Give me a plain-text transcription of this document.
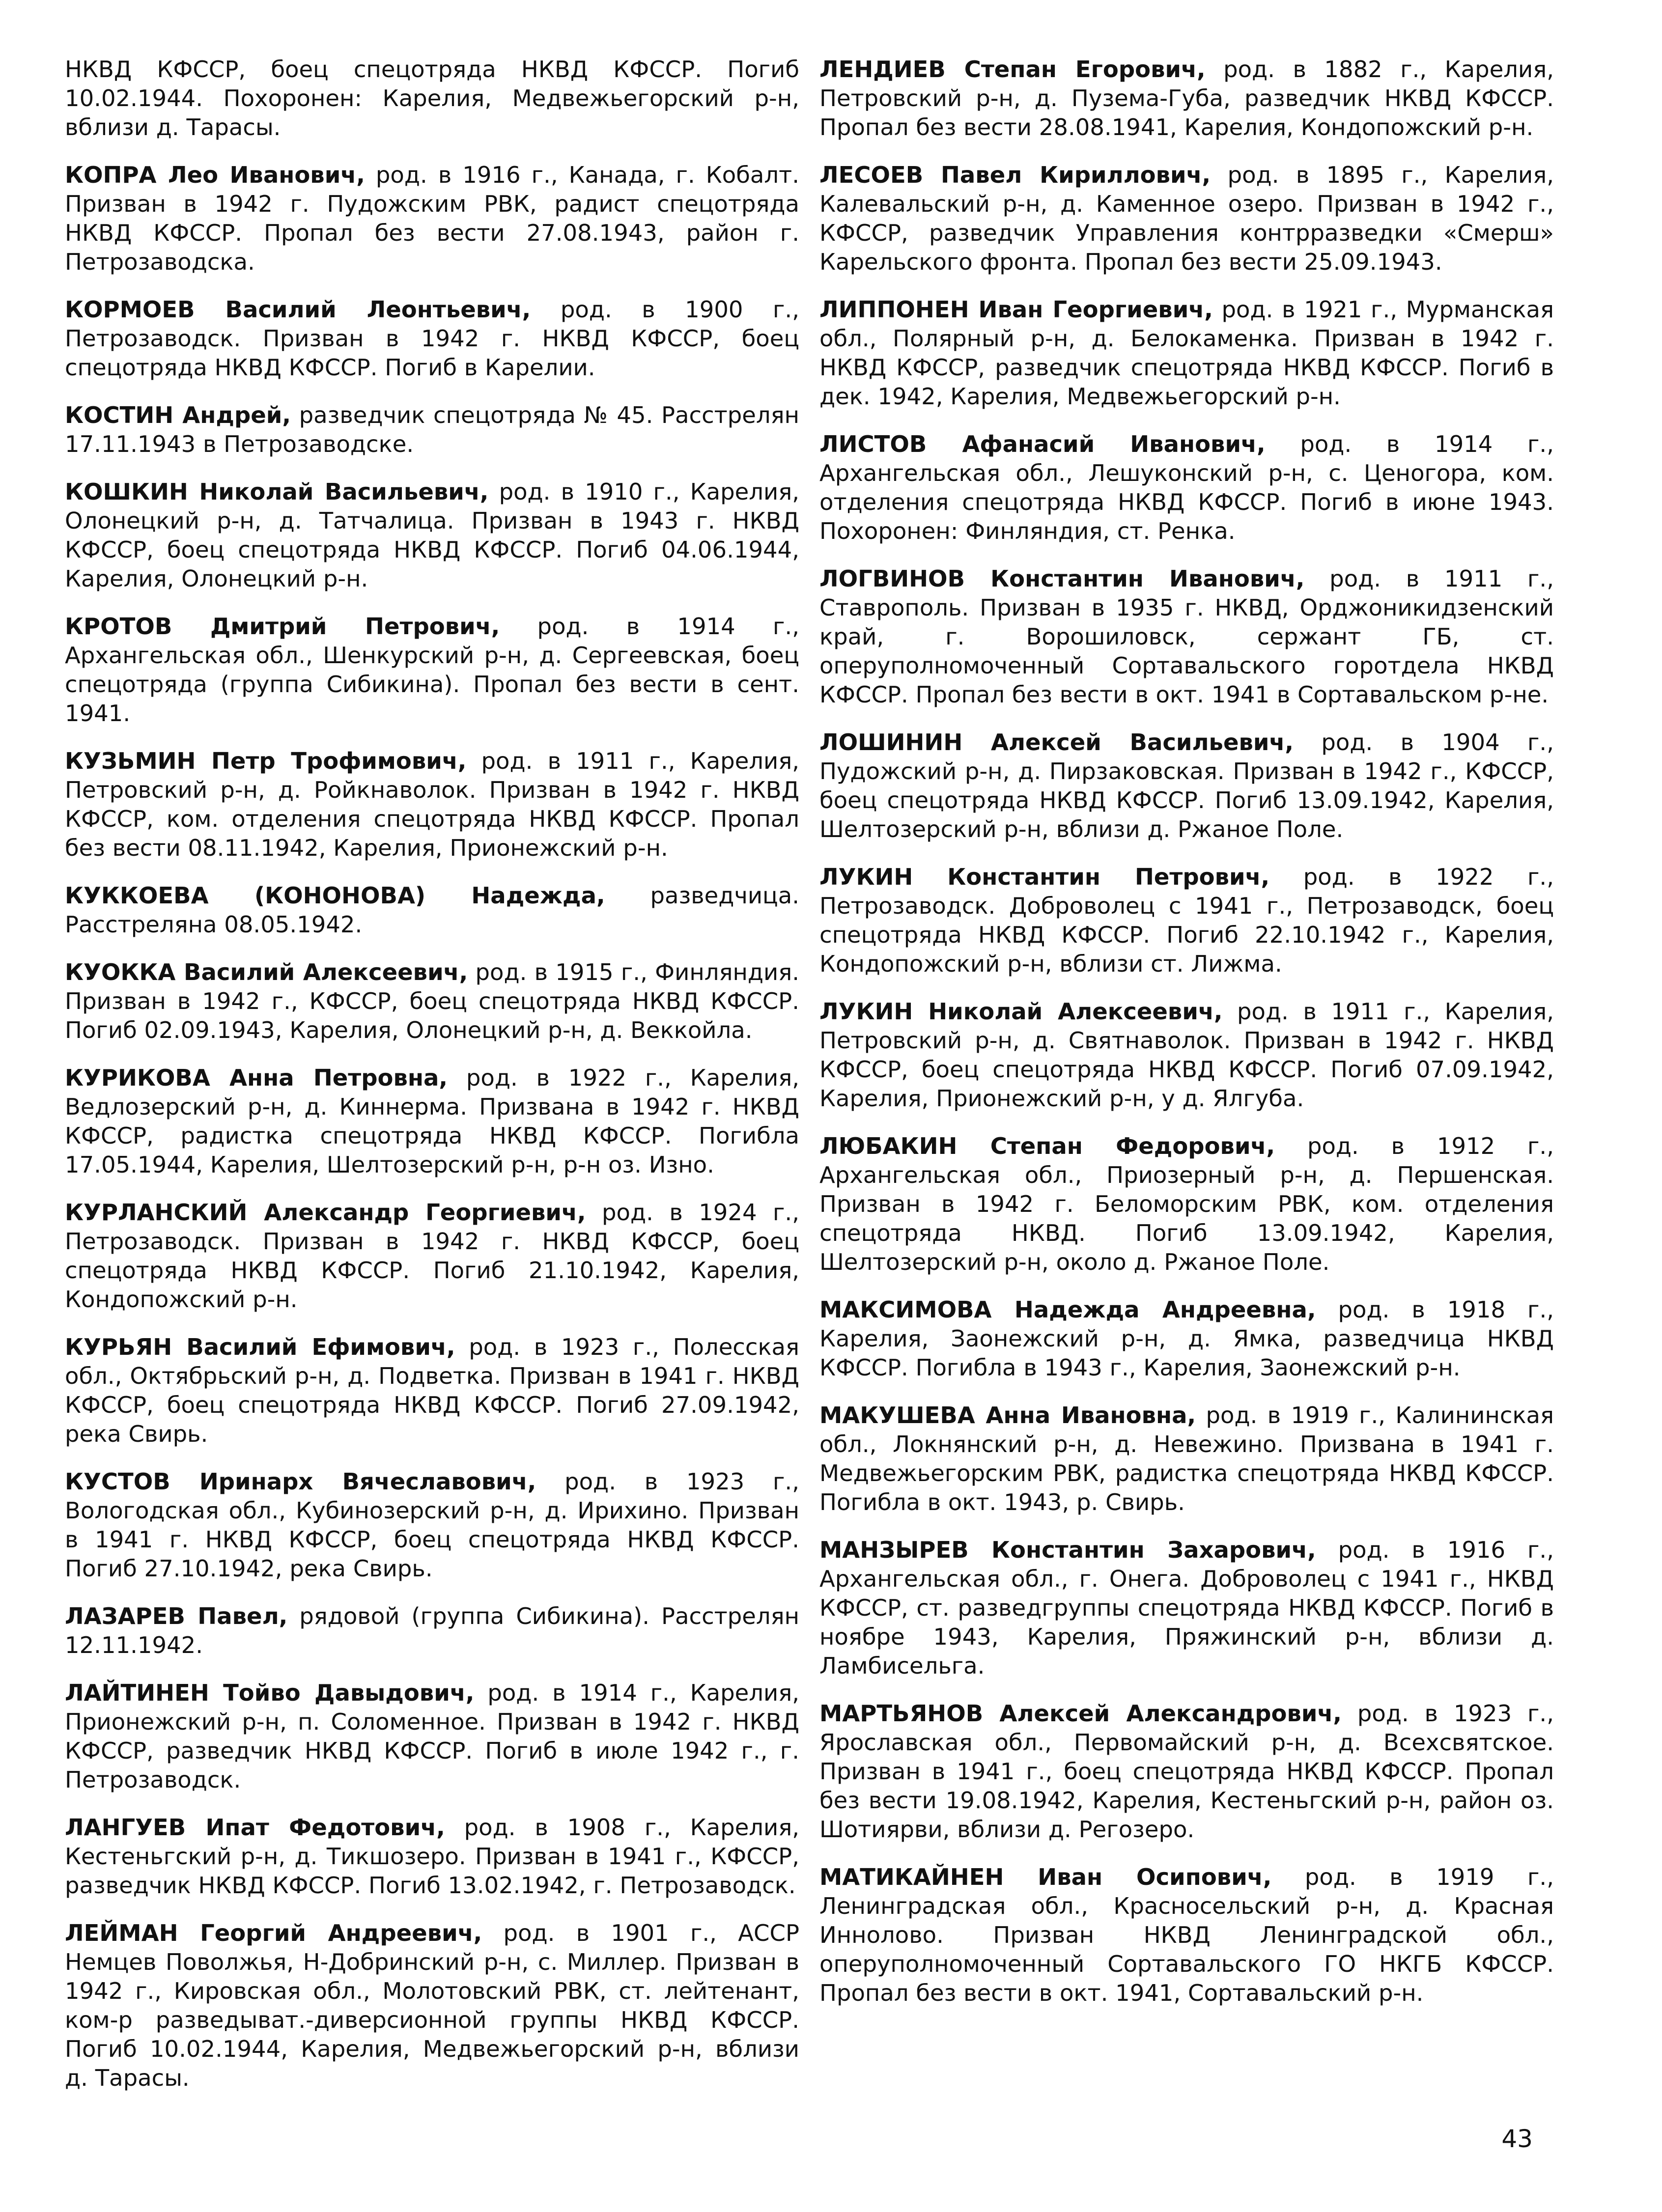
НКВД КФССР, боец спецотряда НКВД КФССР. Погиб 10.02.1944. Похоронен: Карелия, Медвежьегорский р-н, вблизи д. Тарасы.

КОПРА Лео Иванович, род. в 1916 г., Канада, г. Кобалт. Призван в 1942 г. Пудожским РВК, радист спецотряда НКВД КФССР. Пропал без вести 27.08.1943, район г. Петрозаводска.

КОРМОЕВ Василий Леонтьевич, род. в 1900 г., Петрозаводск. Призван в 1942 г. НКВД КФССР, боец спецотряда НКВД КФССР. Погиб в Карелии.

КОСТИН Андрей, разведчик спецотряда № 45. Расстрелян 17.11.1943 в Петрозаводске.

КОШКИН Николай Васильевич, род. в 1910 г., Карелия, Олонецкий р-н, д. Татчалица. Призван в 1943 г. НКВД КФССР, боец спецотряда НКВД КФССР. Погиб 04.06.1944, Карелия, Олонецкий р-н.

КРОТОВ Дмитрий Петрович, род. в 1914 г., Архангельская обл., Шенкурский р-н, д. Сергеевская, боец спецотряда (группа Сибикина). Пропал без вести в сент. 1941.

КУЗЬМИН Петр Трофимович, род. в 1911 г., Карелия, Петровский р-н, д. Ройкнаволок. Призван в 1942 г. НКВД КФССР, ком. отделения спецотряда НКВД КФССР. Пропал без вести 08.11.1942, Карелия, Прионежский р-н.

КУККОЕВА (КОНОНОВА) Надежда, разведчица. Расстреляна 08.05.1942.

КУОККА Василий Алексеевич, род. в 1915 г., Финляндия. Призван в 1942 г., КФССР, боец спецотряда НКВД КФССР. Погиб 02.09.1943, Карелия, Олонецкий р-н, д. Веккойла.

КУРИКОВА Анна Петровна, род. в 1922 г., Карелия, Ведлозерский р-н, д. Киннерма. Призвана в 1942 г. НКВД КФССР, радистка спецотряда НКВД КФССР. Погибла 17.05.1944, Карелия, Шелтозерский р-н, р-н оз. Изно.

КУРЛАНСКИЙ Александр Георгиевич, род. в 1924 г., Петрозаводск. Призван в 1942 г. НКВД КФССР, боец спецотряда НКВД КФССР. Погиб 21.10.1942, Карелия, Кондопожский р-н.

КУРЬЯН Василий Ефимович, род. в 1923 г., Полесская обл., Октябрьский р-н, д. Подветка. Призван в 1941 г. НКВД КФССР, боец спецотряда НКВД КФССР. Погиб 27.09.1942, река Свирь.

КУСТОВ Иринарх Вячеславович, род. в 1923 г., Вологодская обл., Кубинозерский р-н, д. Ирихино. Призван в 1941 г. НКВД КФССР, боец спецотряда НКВД КФССР. Погиб 27.10.1942, река Свирь.

ЛАЗАРЕВ Павел, рядовой (группа Сибикина). Расстрелян 12.11.1942.

ЛАЙТИНЕН Тойво Давыдович, род. в 1914 г., Карелия, Прионежский р-н, п. Соломенное. Призван в 1942 г. НКВД КФССР, разведчик НКВД КФССР. Погиб в июле 1942 г., г. Петрозаводск.

ЛАНГУЕВ Ипат Федотович, род. в 1908 г., Карелия, Кестеньгский р-н, д. Тикшозеро. Призван в 1941 г., КФССР, разведчик НКВД КФССР. Погиб 13.02.1942, г. Петрозаводск.

ЛЕЙМАН Георгий Андреевич, род. в 1901 г., АССР Немцев Поволжья, Н-Добринский р-н, с. Миллер. Призван в 1942 г., Кировская обл., Молотовский РВК, ст. лейтенант, ком-р разведыват.-диверсионной группы НКВД КФССР. Погиб 10.02.1944, Карелия, Медвежьегорский р-н, вблизи д. Тарасы.

ЛЕНДИЕВ Степан Егорович, род. в 1882 г., Карелия, Петровский р-н, д. Пузема-Губа, разведчик НКВД КФССР. Пропал без вести 28.08.1941, Карелия, Кондопожский р-н.

ЛЕСОЕВ Павел Кириллович, род. в 1895 г., Карелия, Калевальский р-н, д. Каменное озеро. Призван в 1942 г., КФССР, разведчик Управления контрразведки «Смерш» Карельского фронта. Пропал без вести 25.09.1943.

ЛИППОНЕН Иван Георгиевич, род. в 1921 г., Мурманская обл., Полярный р-н, д. Белокаменка. Призван в 1942 г. НКВД КФССР, разведчик спецотряда НКВД КФССР. Погиб в дек. 1942, Карелия, Медвежьегорский р-н.

ЛИСТОВ Афанасий Иванович, род. в 1914 г., Архангельская обл., Лешуконский р-н, с. Ценогора, ком. отделения спецотряда НКВД КФССР. Погиб в июне 1943. Похоронен: Финляндия, ст. Ренка.

ЛОГВИНОВ Константин Иванович, род. в 1911 г., Ставрополь. Призван в 1935 г. НКВД, Орджоникидзенский край, г. Ворошиловск, сержант ГБ, ст. оперуполномоченный Сортавальского горотдела НКВД КФССР. Пропал без вести в окт. 1941 в Сортавальском р-не.

ЛОШИНИН Алексей Васильевич, род. в 1904 г., Пудожский р-н, д. Пирзаковская. Призван в 1942 г., КФССР, боец спецотряда НКВД КФССР. Погиб 13.09.1942, Карелия, Шелтозерский р-н, вблизи д. Ржаное Поле.

ЛУКИН Константин Петрович, род. в 1922 г., Петрозаводск. Доброволец с 1941 г., Петрозаводск, боец спецотряда НКВД КФССР. Погиб 22.10.1942 г., Карелия, Кондопожский р-н, вблизи ст. Лижма.

ЛУКИН Николай Алексеевич, род. в 1911 г., Карелия, Петровский р-н, д. Святнаволок. Призван в 1942 г. НКВД КФССР, боец спецотряда НКВД КФССР. Погиб 07.09.1942, Карелия, Прионежский р-н, у д. Ялгуба.

ЛЮБАКИН Степан Федорович, род. в 1912 г., Архангельская обл., Приозерный р-н, д. Першенская. Призван в 1942 г. Беломорским РВК, ком. отделения спецотряда НКВД. Погиб 13.09.1942, Карелия, Шелтозерский р-н, около д. Ржаное Поле.

МАКСИМОВА Надежда Андреевна, род. в 1918 г., Карелия, Заонежский р-н, д. Ямка, разведчица НКВД КФССР. Погибла в 1943 г., Карелия, Заонежский р-н.

МАКУШЕВА Анна Ивановна, род. в 1919 г., Калининская обл., Локнянский р-н, д. Невежино. Призвана в 1941 г. Медвежьегорским РВК, радистка спецотряда НКВД КФССР. Погибла в окт. 1943, р. Свирь.

МАНЗЫРЕВ Константин Захарович, род. в 1916 г., Архангельская обл., г. Онега. Доброволец с 1941 г., НКВД КФССР, ст. разведгруппы спецотряда НКВД КФССР. Погиб в ноябре 1943, Карелия, Пряжинский р-н, вблизи д. Ламбисельга.

МАРТЬЯНОВ Алексей Александрович, род. в 1923 г., Ярославская обл., Первомайский р-н, д. Всехсвятское. Призван в 1941 г., боец спецотряда НКВД КФССР. Пропал без вести 19.08.1942, Карелия, Кестеньгский р-н, район оз. Шотиярви, вблизи д. Регозеро.

МАТИКАЙНЕН Иван Осипович, род. в 1919 г., Ленинградская обл., Красносельский р-н, д. Красная Иннолово. Призван НКВД Ленинградской обл., оперуполномоченный Сортавальского ГО НКГБ КФССР. Пропал без вести в окт. 1941, Сортавальский р-н.

43
